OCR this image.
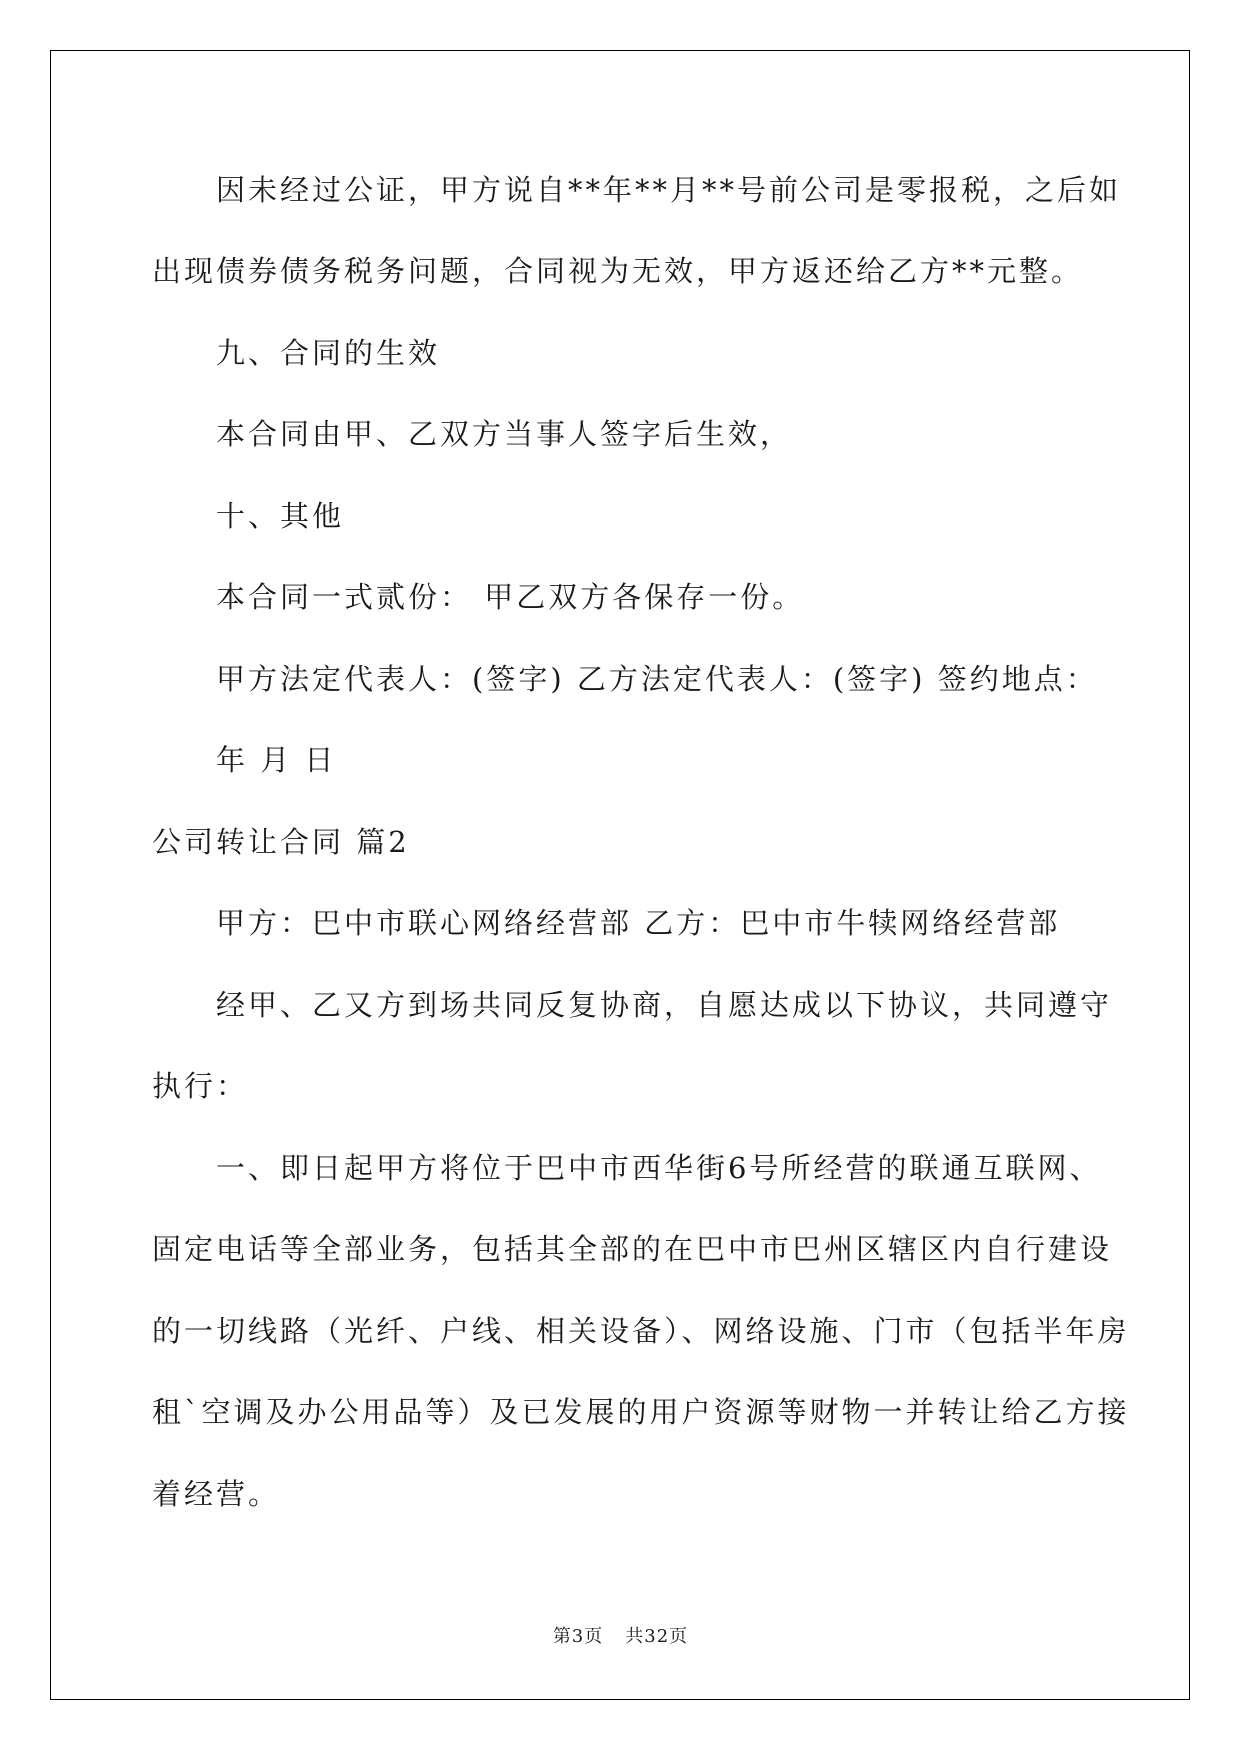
因未经过公证，甲方说自**年**月**号前公司是零报税，之后如
出现债券债务税务问题，合同视为无效，甲方返还给乙方**元整。
九、合同的生效
本合同由甲、乙双方当事人签字后生效，
十、其他
本合同一式贰份： 甲乙双方各保存一份。
甲方法定代表人：(签字) 乙方法定代表人：(签字) 签约地点：
年 月 日
公司转让合同 篇2
甲方：巴中市联心网络经营部 乙方：巴中市牛犊网络经营部
经甲、乙又方到场共同反复协商，自愿达成以下协议，共同遵守
执行：
一、即日起甲方将位于巴中市西华街6号所经营的联通互联网、
固定电话等全部业务，包括其全部的在巴中市巴州区辖区内自行建设
的一切线路（光纤、户线、相关设备）、网络设施、门市（包括半年房
租`空调及办公用品等）及已发展的用户资源等财物一并转让给乙方接
着经营。
第3页 共32页
